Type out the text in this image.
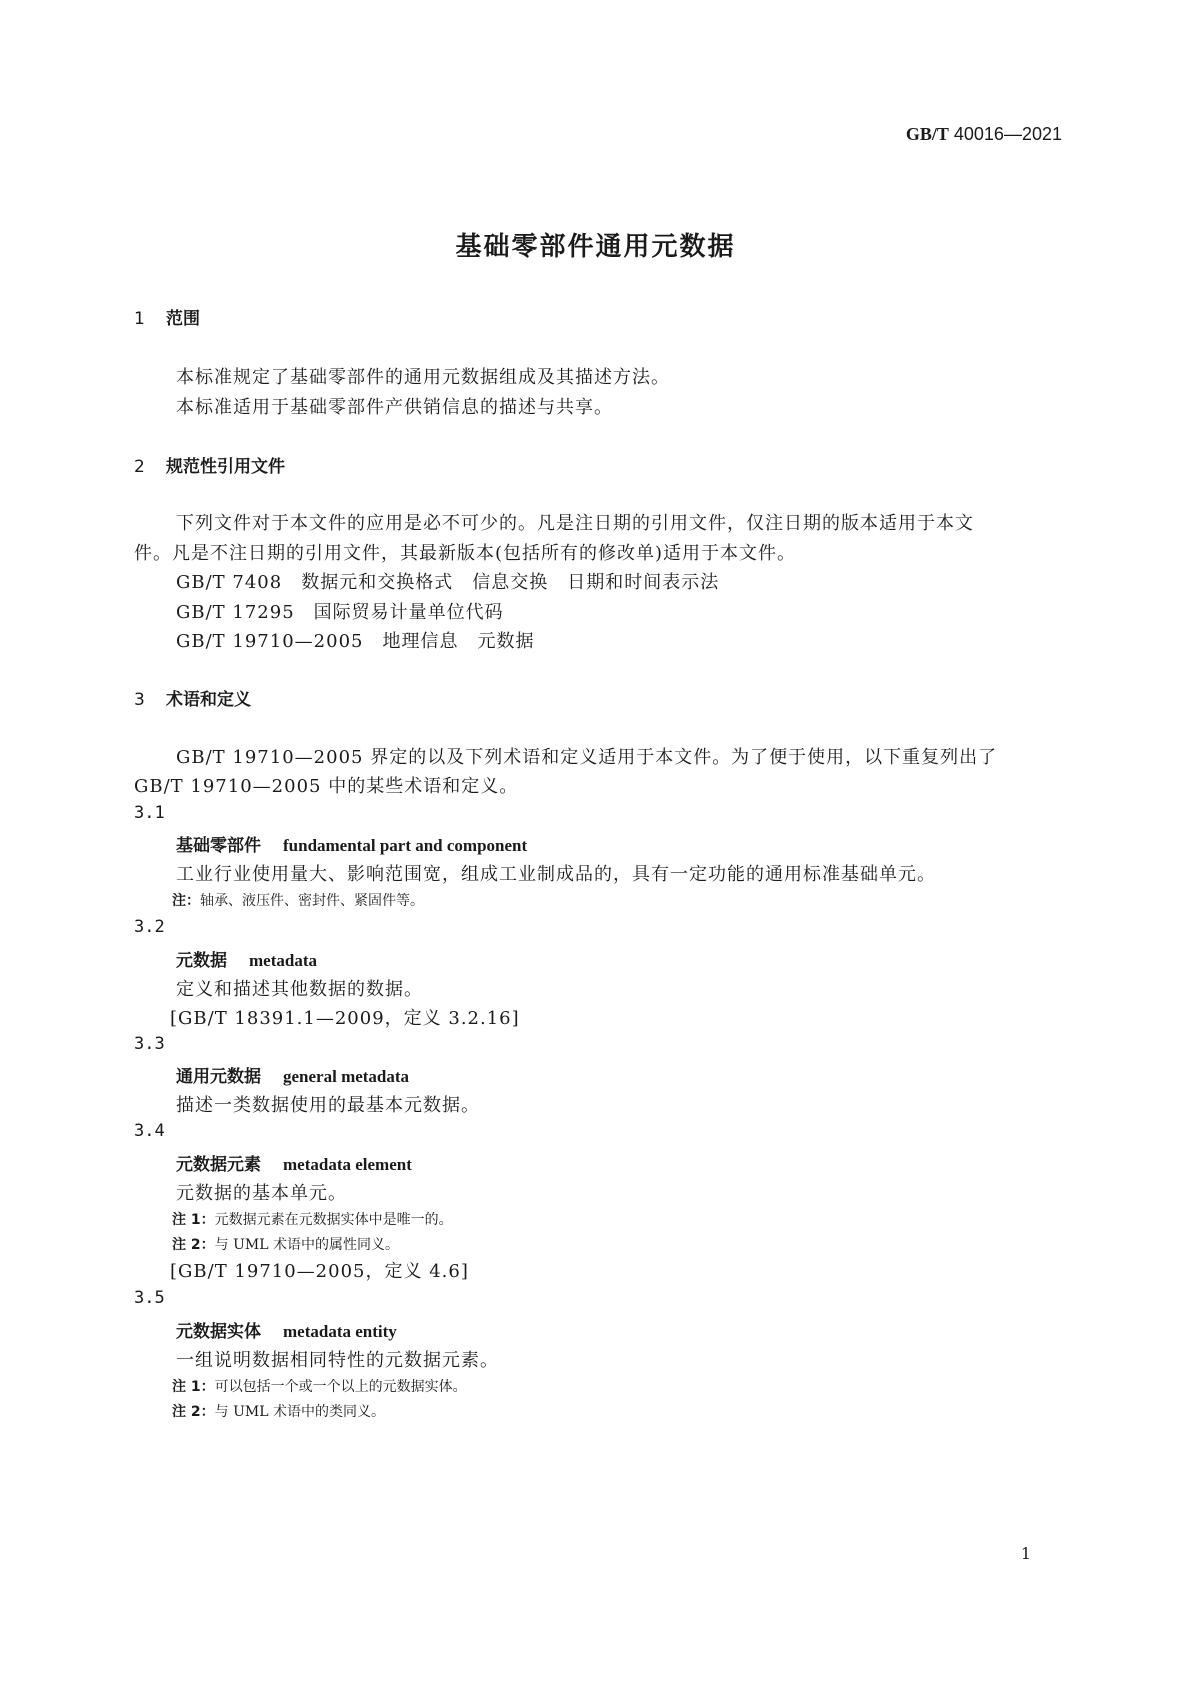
GB/T 40016—2021
基础零部件通用元数据
1 范围
本标准规定了基础零部件的通用元数据组成及其描述方法。
本标准适用于基础零部件产供销信息的描述与共享。
2 规范性引用文件
下列文件对于本文件的应用是必不可少的。凡是注日期的引用文件，仅注日期的版本适用于本文
件。凡是不注日期的引用文件，其最新版本(包括所有的修改单)适用于本文件。
GB/T 7408　 数据元和交换格式　信息交换　日期和时间表示法
GB/T 17295　 国际贸易计量单位代码
GB/T 19710—2005　 地理信息　元数据
3 术语和定义
GB/T 19710—2005 界定的以及下列术语和定义适用于本文件。为了便于使用，以下重复列出了
GB/T 19710—2005 中的某些术语和定义。
3.1
基础零部件 fundamental part and component
工业行业使用量大、影响范围宽，组成工业制成品的，具有一定功能的通用标准基础单元。
注：轴承、液压件、密封件、紧固件等。
3.2
元数据 metadata
定义和描述其他数据的数据。
[GB/T 18391.1—2009，定义 3.2.16]
3.3
通用元数据 general metadata
描述一类数据使用的最基本元数据。
3.4
元数据元素 metadata element
元数据的基本单元。
注 1：元数据元素在元数据实体中是唯一的。
注 2：与 UML 术语中的属性同义。
[GB/T 19710—2005，定义 4.6]
3.5
元数据实体 metadata entity
一组说明数据相同特性的元数据元素。
注 1：可以包括一个或一个以上的元数据实体。
注 2：与 UML 术语中的类同义。
1
